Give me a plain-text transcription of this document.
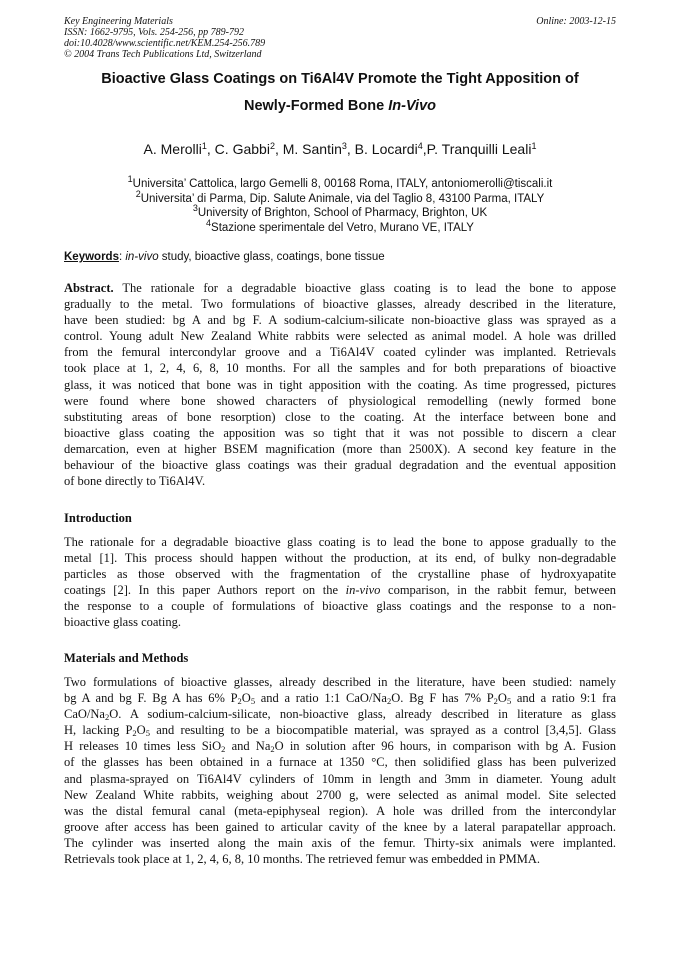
Key Engineering Materials
ISSN: 1662-9795, Vols. 254-256, pp 789-792
doi:10.4028/www.scientific.net/KEM.254-256.789
© 2004 Trans Tech Publications Ltd, Switzerland
Online: 2003-12-15
Bioactive Glass Coatings on Ti6Al4V Promote the Tight Apposition of
Newly-Formed Bone In-Vivo
A. Merolli$^1$, C. Gabbi$^2$, M. Santin$^3$, B. Locardi$^4$,P. Tranquilli Leali$^1$
$^1$Universita’ Cattolica, largo Gemelli 8, 00168 Roma, ITALY, antoniomerolli@tiscali.it
$^2$Universita’ di Parma, Dip. Salute Animale, via del Taglio 8, 43100 Parma, ITALY
$^3$University of Brighton, School of Pharmacy, Brighton, UK
$^4$Stazione sperimentale del Vetro, Murano VE, ITALY
Keywords: in-vivo study, bioactive glass, coatings, bone tissue
Abstract. The rationale for a degradable bioactive glass coating is to lead the bone to appose
gradually to the metal. Two formulations of bioactive glasses, already described in the literature,
have been studied: bg A and bg F. A sodium-calcium-silicate non-bioactive glass was sprayed as a
control. Young adult New Zealand White rabbits were selected as animal model. A hole was drilled
from the femural intercondylar groove and a Ti6Al4V coated cylinder was implanted. Retrievals
took place at 1, 2, 4, 6, 8, 10 months. For all the samples and for both preparations of bioactive
glass, it was noticed that bone was in tight apposition with the coating. As time progressed, pictures
were found where bone showed characters of physiological remodelling (newly formed bone
substituting areas of bone resorption) close to the coating. At the interface between bone and
bioactive glass coating the apposition was so tight that it was not possible to discern a clear
demarcation, even at higher BSEM magnification (more than 2500X). A second key feature in the
behaviour of the bioactive glass coatings was their gradual degradation and the eventual apposition
of bone directly to Ti6Al4V.
Introduction
The rationale for a degradable bioactive glass coating is to lead the bone to appose gradually to the
metal [1]. This process should happen without the production, at its end, of bulky non-degradable
particles as those observed with the fragmentation of the crystalline phase of hydroxyapatite
coatings [2]. In this paper Authors report on the in-vivo comparison, in the rabbit femur, between
the response to a couple of formulations of bioactive glass coatings and the response to a non-
bioactive glass coating.
Materials and Methods
Two formulations of bioactive glasses, already described in the literature, have been studied: namely
bg A and bg F. Bg A has 6% $P_2O_5$ and a ratio 1:1 CaO/$Na_2O$. Bg F has 7% $P_2O_5$ and a ratio 9:1 fra
CaO/$Na_2O$. A sodium-calcium-silicate, non-bioactive glass, already described in literature as glass
H, lacking $P_2O_5$ and resulting to be a biocompatible material, was sprayed as a control [3,4,5]. Glass
H releases 10 times less SiO$_2$ and $Na_2O$ in solution after 96 hours, in comparison with bg A. Fusion
of the glasses has been obtained in a furnace at 1350 °C, then solidified glass has been pulverized
and plasma-sprayed on Ti6Al4V cylinders of 10mm in length and 3mm in diameter. Young adult
New Zealand White rabbits, weighing about 2700 g, were selected as animal model. Site selected
was the distal femural canal (meta-epiphyseal region). A hole was drilled from the intercondylar
groove after access has been gained to articular cavity of the knee by a lateral parapatellar approach.
The cylinder was inserted along the main axis of the femur. Thirty-six animals were implanted.
Retrievals took place at 1, 2, 4, 6, 8, 10 months. The retrieved femur was embedded in PMMA.
